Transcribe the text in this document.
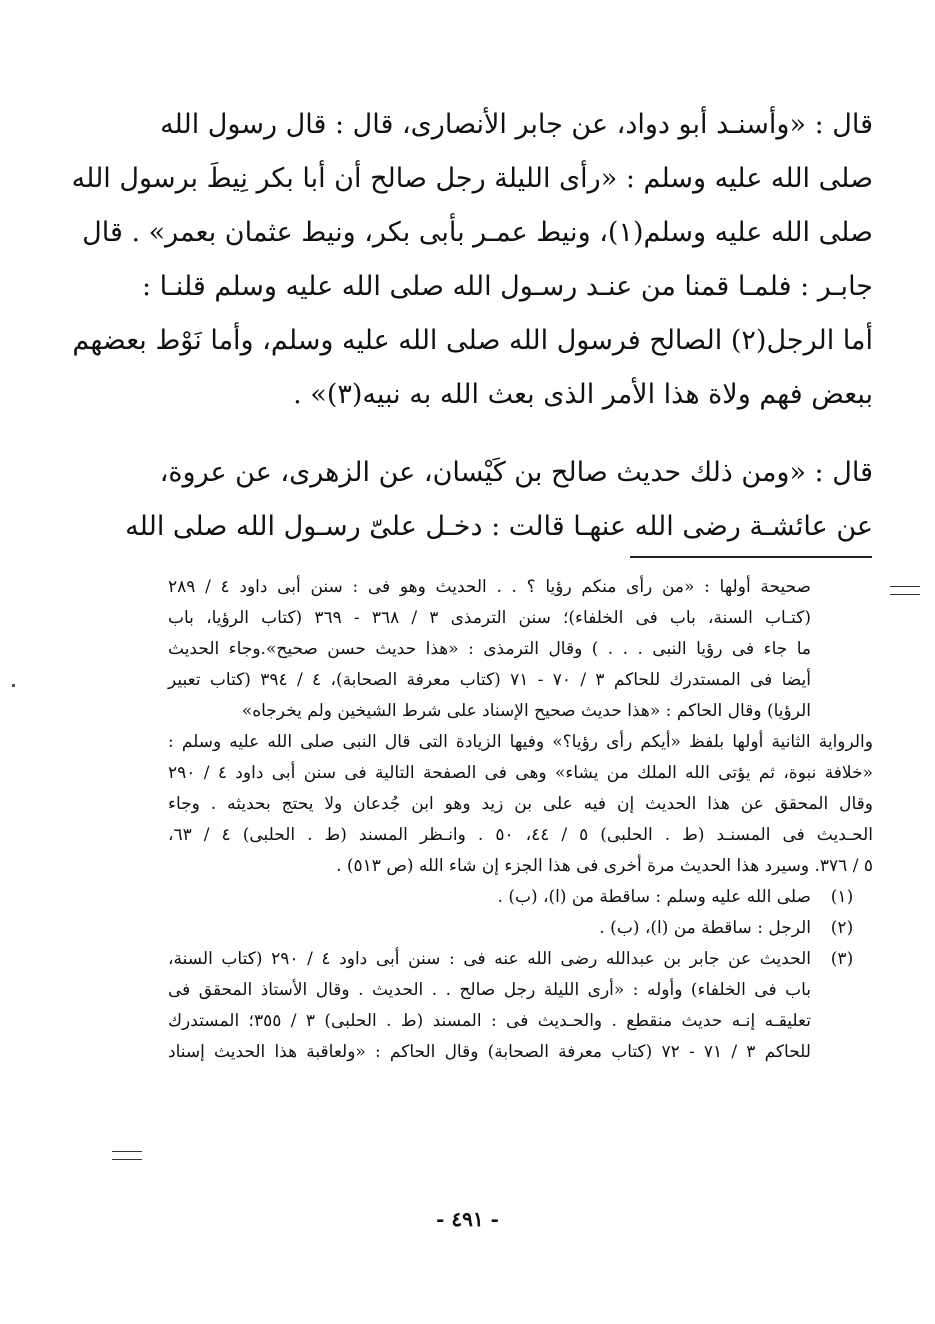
قال : «وأسنـد أبو دواد، عن جابر الأنصارى، قال : قال رسول الله
صلى الله عليه وسلم : «رأى الليلة رجل صالح أن أبا بكر نِيطَ برسول الله
صلى الله عليه وسلم(١)، ونيط عمـر بأبى بكر، ونيط عثمان بعمر» . قال
جابـر : فلمـا قمنا من عنـد رسـول الله صلى الله عليه وسلم قلنـا :
أما الرجل(٢) الصالح فرسول الله صلى الله عليه وسلم، وأما نَوْط بعضهم
ببعض فهم ولاة هذا الأمر الذى بعث الله به نبيه(٣)» .
قال : «ومن ذلك حديث صالح بن كَيْسان، عن الزهرى، عن عروة،
عن عائشـة رضى الله عنهـا قالت : دخـل علىّ رسـول الله صلى الله
صحيحة أولها : «من رأى منكم رؤيا ؟ . . الحديث وهو فى : سنن أبى داود ٤ / ٢٨٩
(كتـاب السنة، باب فى الخلفاء)؛ سنن الترمذى ٣ / ٣٦٨ - ٣٦٩ (كتاب الرؤيا، باب
ما جاء فى رؤيا النبى . . . ) وقال الترمذى : «هذا حديث حسن صحيح».وجاء الحديث
أيضا فى المستدرك للحاكم ٣ / ٧٠ - ٧١ (كتاب معرفة الصحابة)، ٤ / ٣٩٤ (كتاب تعبير
الرؤيا) وقال الحاكم : «هذا حديث صحيح الإسناد على شرط الشيخين ولم يخرجاه»
والرواية الثانية أولها بلفظ «أيكم رأى رؤيا؟» وفيها الزيادة التى قال النبى صلى الله عليه وسلم :
«خلافة نبوة، ثم يؤتى الله الملك من يشاء» وهى فى الصفحة التالية فى سنن أبى داود ٤ / ٢٩٠
وقال المحقق عن هذا الحديث إن فيه على بن زيد وهو ابن جُدعان ولا يحتج بحديثه . وجاء
الحـديث فى المسنـد (ط . الحلبى) ٥ / ٤٤، ٥٠ . وانـظر المسند (ط . الحلبى) ٤ / ٦٣،
٥ / ٣٧٦. وسيرد هذا الحديث مرة أخرى فى هذا الجزء إن شاء الله (ص ٥١٣) .
(١)
صلى الله عليه وسلم : ساقطة من (ا)، (ب) .
(٢)
الرجل : ساقطة من (ا)، (ب) .
(٣)
الحديث عن جابر بن عبدالله رضى الله عنه فى : سنن أبى داود ٤ / ٢٩٠ (كتاب السنة،
باب فى الخلفاء) وأوله : «أرى الليلة رجل صالح . . الحديث . وقال الأستاذ المحقق فى
تعليقـه إنـه حديث منقطع . والحـديث فى : المسند (ط . الحلبى) ٣ / ٣٥٥؛ المستدرك
للحاكم ٣ / ٧١ - ٧٢ (كتاب معرفة الصحابة) وقال الحاكم : «ولعاقبة هذا الحديث إسناد
- ٤٩١ -
